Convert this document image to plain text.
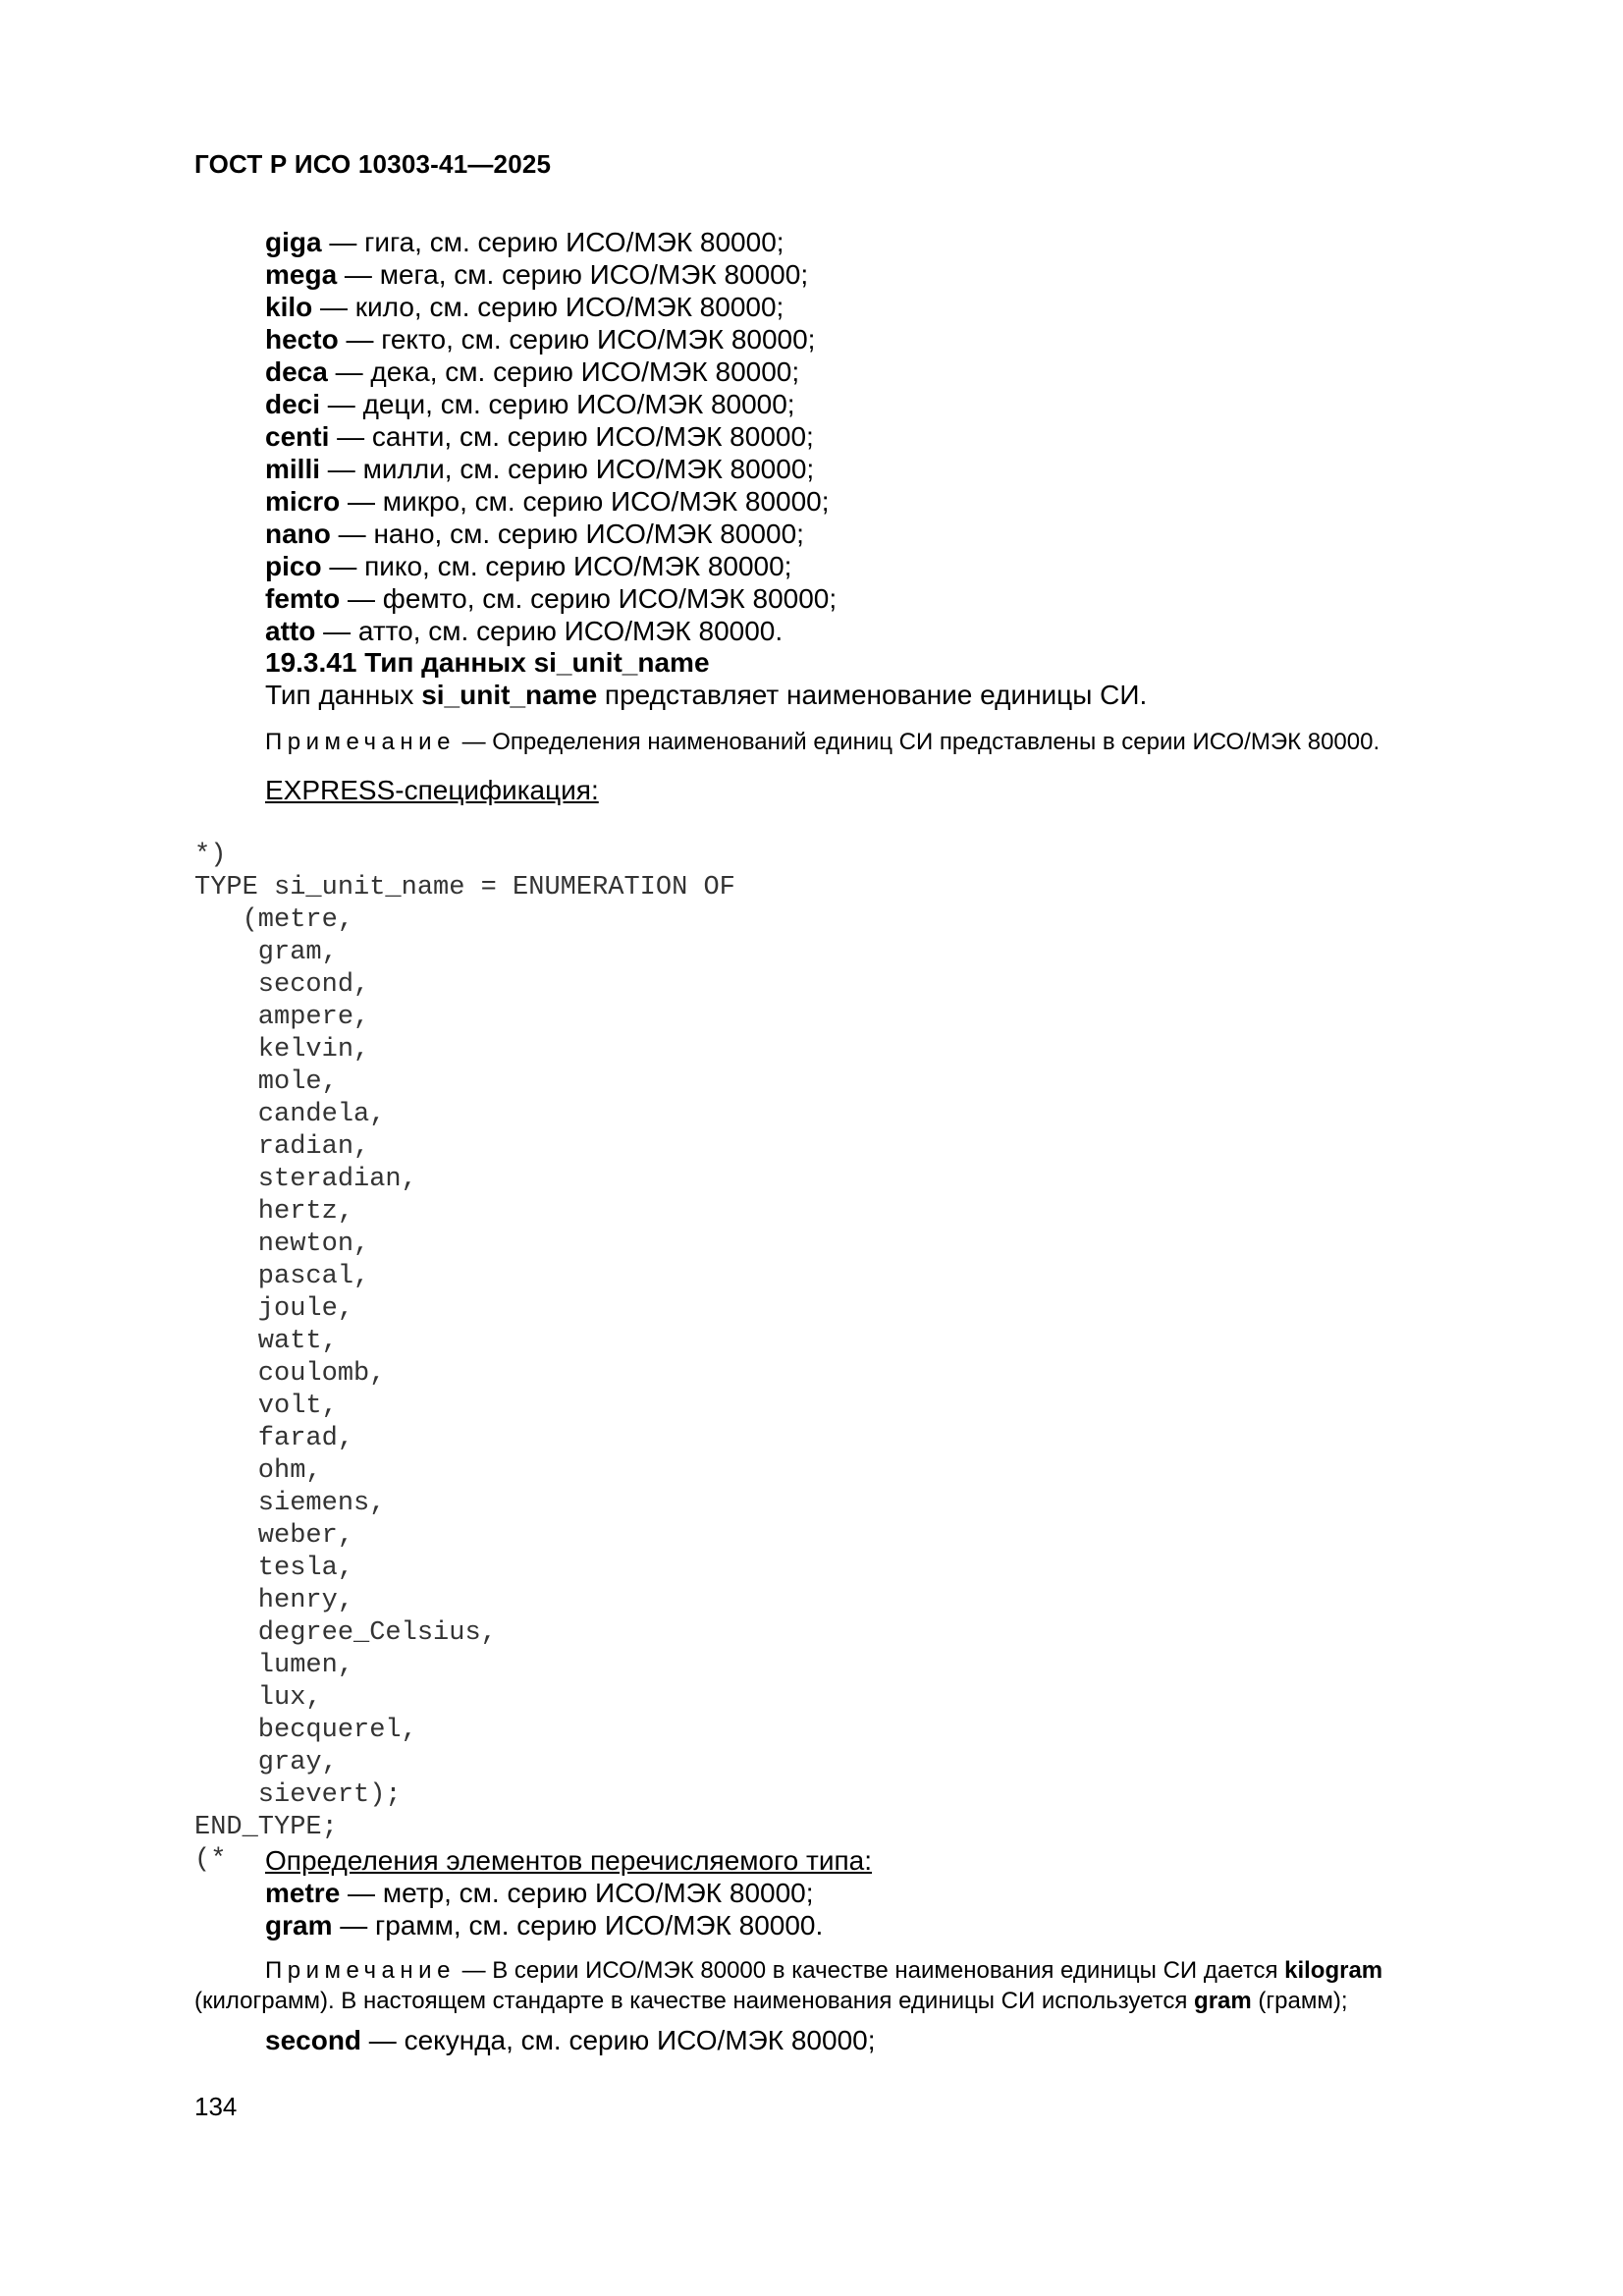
ГОСТ Р ИСО 10303-41—2025
giga — гига, см. серию ИСО/МЭК 80000;
mega — мега, см. серию ИСО/МЭК 80000;
kilo — кило, см. серию ИСО/МЭК 80000;
hecto — гекто, см. серию ИСО/МЭК 80000;
deca — дека, см. серию ИСО/МЭК 80000;
deci — деци, см. серию ИСО/МЭК 80000;
centi — санти, см. серию ИСО/МЭК 80000;
milli — милли, см. серию ИСО/МЭК 80000;
micro — микро, см. серию ИСО/МЭК 80000;
nano — нано, см. серию ИСО/МЭК 80000;
pico — пико, см. серию ИСО/МЭК 80000;
femto — фемто, см. серию ИСО/МЭК 80000;
atto — атто, см. серию ИСО/МЭК 80000.
19.3.41 Тип данных si_unit_name
Тип данных si_unit_name представляет наименование единицы СИ.
Примечание — Определения наименований единиц СИ представлены в серии ИСО/МЭК 80000.
EXPRESS-спецификация:

*)
TYPE si_unit_name = ENUMERATION OF
(metre,
gram,
second,
ampere,
kelvin,
mole,
candela,
radian,
steradian,
hertz,
newton,
pascal,
joule,
watt,
coulomb,
volt,
farad,
ohm,
siemens,
weber,
tesla,
henry,
degree_Celsius,
lumen,
lux,
becquerel,
gray,
sievert);
END_TYPE;
(*

	Определения элементов перечисляемого типа:
metre — метр, см. серию ИСО/МЭК 80000;
gram — грамм, см. серию ИСО/МЭК 80000.
Примечание — В серии ИСО/МЭК 80000 в качестве наименования единицы СИ дается kilogram (килограмм). В настоящем стандарте в качестве наименования единицы СИ используется gram (грамм);
second — секунда, см. серию ИСО/МЭК 80000;
134
